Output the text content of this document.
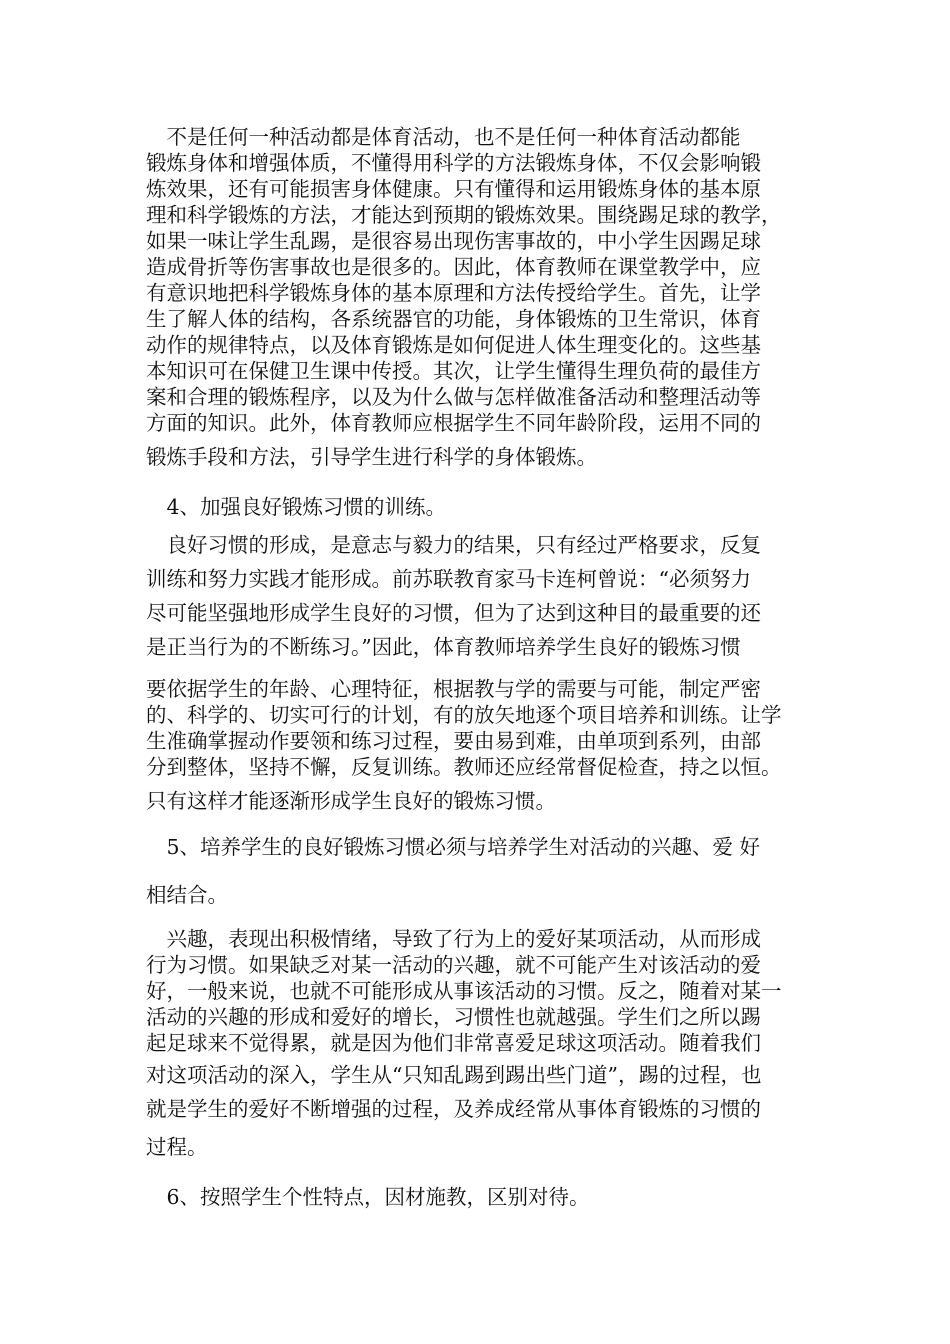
　不是任何一种活动都是体育活动，也不是任何一种体育活动都能
锻炼身体和增强体质，不懂得用科学的方法锻炼身体，不仅会影响锻
炼效果，还有可能损害身体健康。只有懂得和运用锻炼身体的基本原
理和科学锻炼的方法，才能达到预期的锻炼效果。围绕踢足球的教学，
如果一味让学生乱踢，是很容易出现伤害事故的，中小学生因踢足球
造成骨折等伤害事故也是很多的。因此，体育教师在课堂教学中，应
有意识地把科学锻炼身体的基本原理和方法传授给学生。首先，让学
生了解人体的结构，各系统器官的功能，身体锻炼的卫生常识，体育
动作的规律特点，以及体育锻炼是如何促进人体生理变化的。这些基
本知识可在保健卫生课中传授。其次，让学生懂得生理负荷的最佳方
案和合理的锻炼程序，以及为什么做与怎样做准备活动和整理活动等
方面的知识。此外，体育教师应根据学生不同年龄阶段，运用不同的
锻炼手段和方法，引导学生进行科学的身体锻炼。
　4、加强良好锻炼习惯的训练。
　良好习惯的形成，是意志与毅力的结果，只有经过严格要求，反复
训练和努力实践才能形成。前苏联教育家马卡连柯曾说：“必须努力
尽可能坚强地形成学生良好的习惯，但为了达到这种目的最重要的还
是正当行为的不断练习。”因此，体育教师培养学生良好的锻炼习惯
要依据学生的年龄、心理特征，根据教与学的需要与可能，制定严密
的、科学的、切实可行的计划，有的放矢地逐个项目培养和训练。让学
生准确掌握动作要领和练习过程，要由易到难，由单项到系列，由部
分到整体，坚持不懈，反复训练。教师还应经常督促检查，持之以恒。
只有这样才能逐渐形成学生良好的锻炼习惯。
　5、培养学生的良好锻炼习惯必须与培养学生对活动的兴趣、爱 好
相结合。
　兴趣，表现出积极情绪，导致了行为上的爱好某项活动，从而形成
行为习惯。如果缺乏对某一活动的兴趣，就不可能产生对该活动的爱
好，一般来说，也就不可能形成从事该活动的习惯。反之，随着对某一
活动的兴趣的形成和爱好的增长，习惯性也就越强。学生们之所以踢
起足球来不觉得累，就是因为他们非常喜爱足球这项活动。随着我们
对这项活动的深入，学生从“只知乱踢到踢出些门道”，踢的过程，也
就是学生的爱好不断增强的过程，及养成经常从事体育锻炼的习惯的
过程。
　6、按照学生个性特点，因材施教，区别对待。
